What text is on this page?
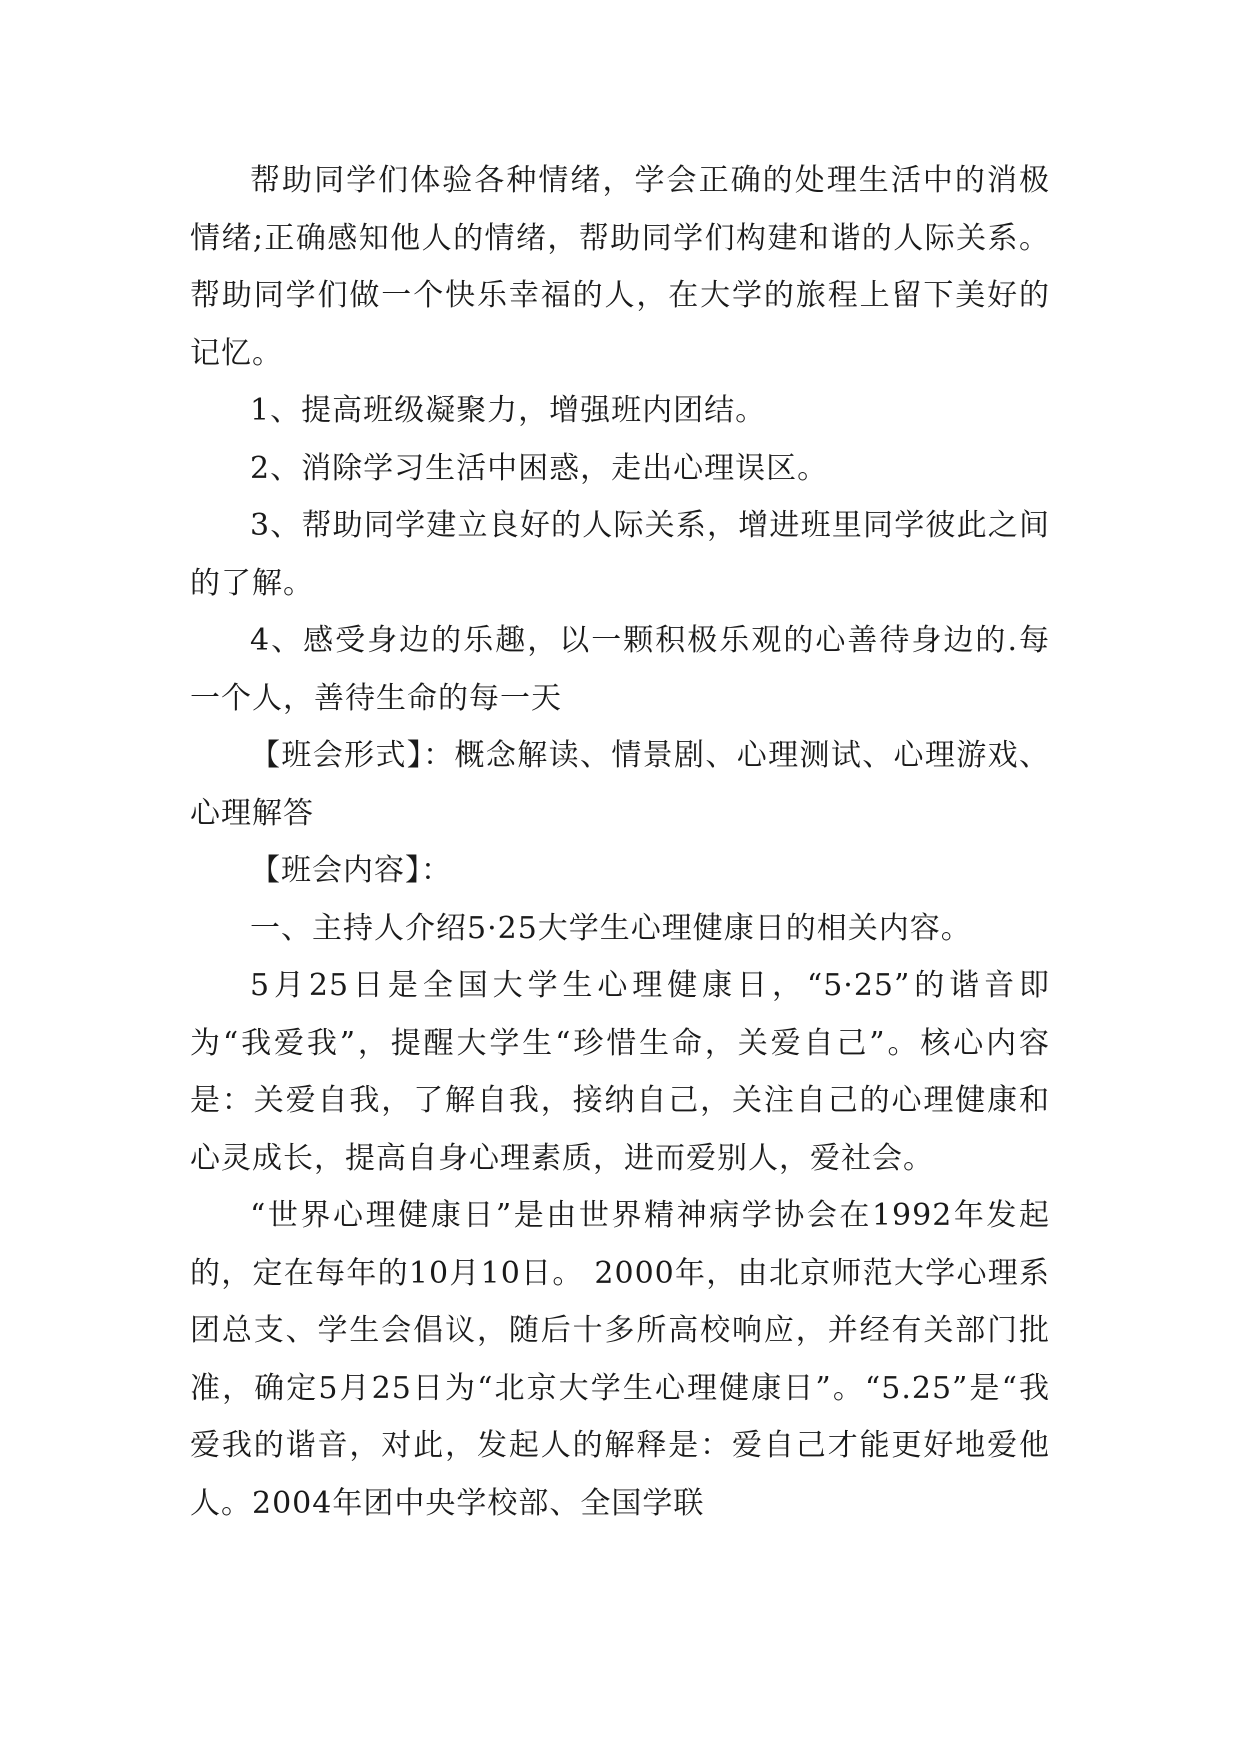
帮助同学们体验各种情绪，学会正确的处理生活中的消极情绪;正确感知他人的情绪，帮助同学们构建和谐的人际关系。帮助同学们做一个快乐幸福的人，在大学的旅程上留下美好的记忆。

1、提高班级凝聚力，增强班内团结。

2、消除学习生活中困惑，走出心理误区。

3、帮助同学建立良好的人际关系，增进班里同学彼此之间的了解。

4、感受身边的乐趣，以一颗积极乐观的心善待身边的.每一个人，善待生命的每一天

【班会形式】：概念解读、情景剧、心理测试、心理游戏、心理解答

【班会内容】：

一、主持人介绍5·25大学生心理健康日的相关内容。

5月25日是全国大学生心理健康日，“5·25”的谐音即为“我爱我”，提醒大学生“珍惜生命，关爱自己”。核心内容是：关爱自我，了解自我，接纳自己，关注自己的心理健康和心灵成长，提高自身心理素质，进而爱别人，爱社会。

“世界心理健康日”是由世界精神病学协会在1992年发起的，定在每年的10月10日。 2000年，由北京师范大学心理系团总支、学生会倡议，随后十多所高校响应，并经有关部门批准，确定5月25日为“北京大学生心理健康日”。“5.25”是“我爱我的谐音，对此，发起人的解释是：爱自己才能更好地爱他人。2004年团中央学校部、全国学联
